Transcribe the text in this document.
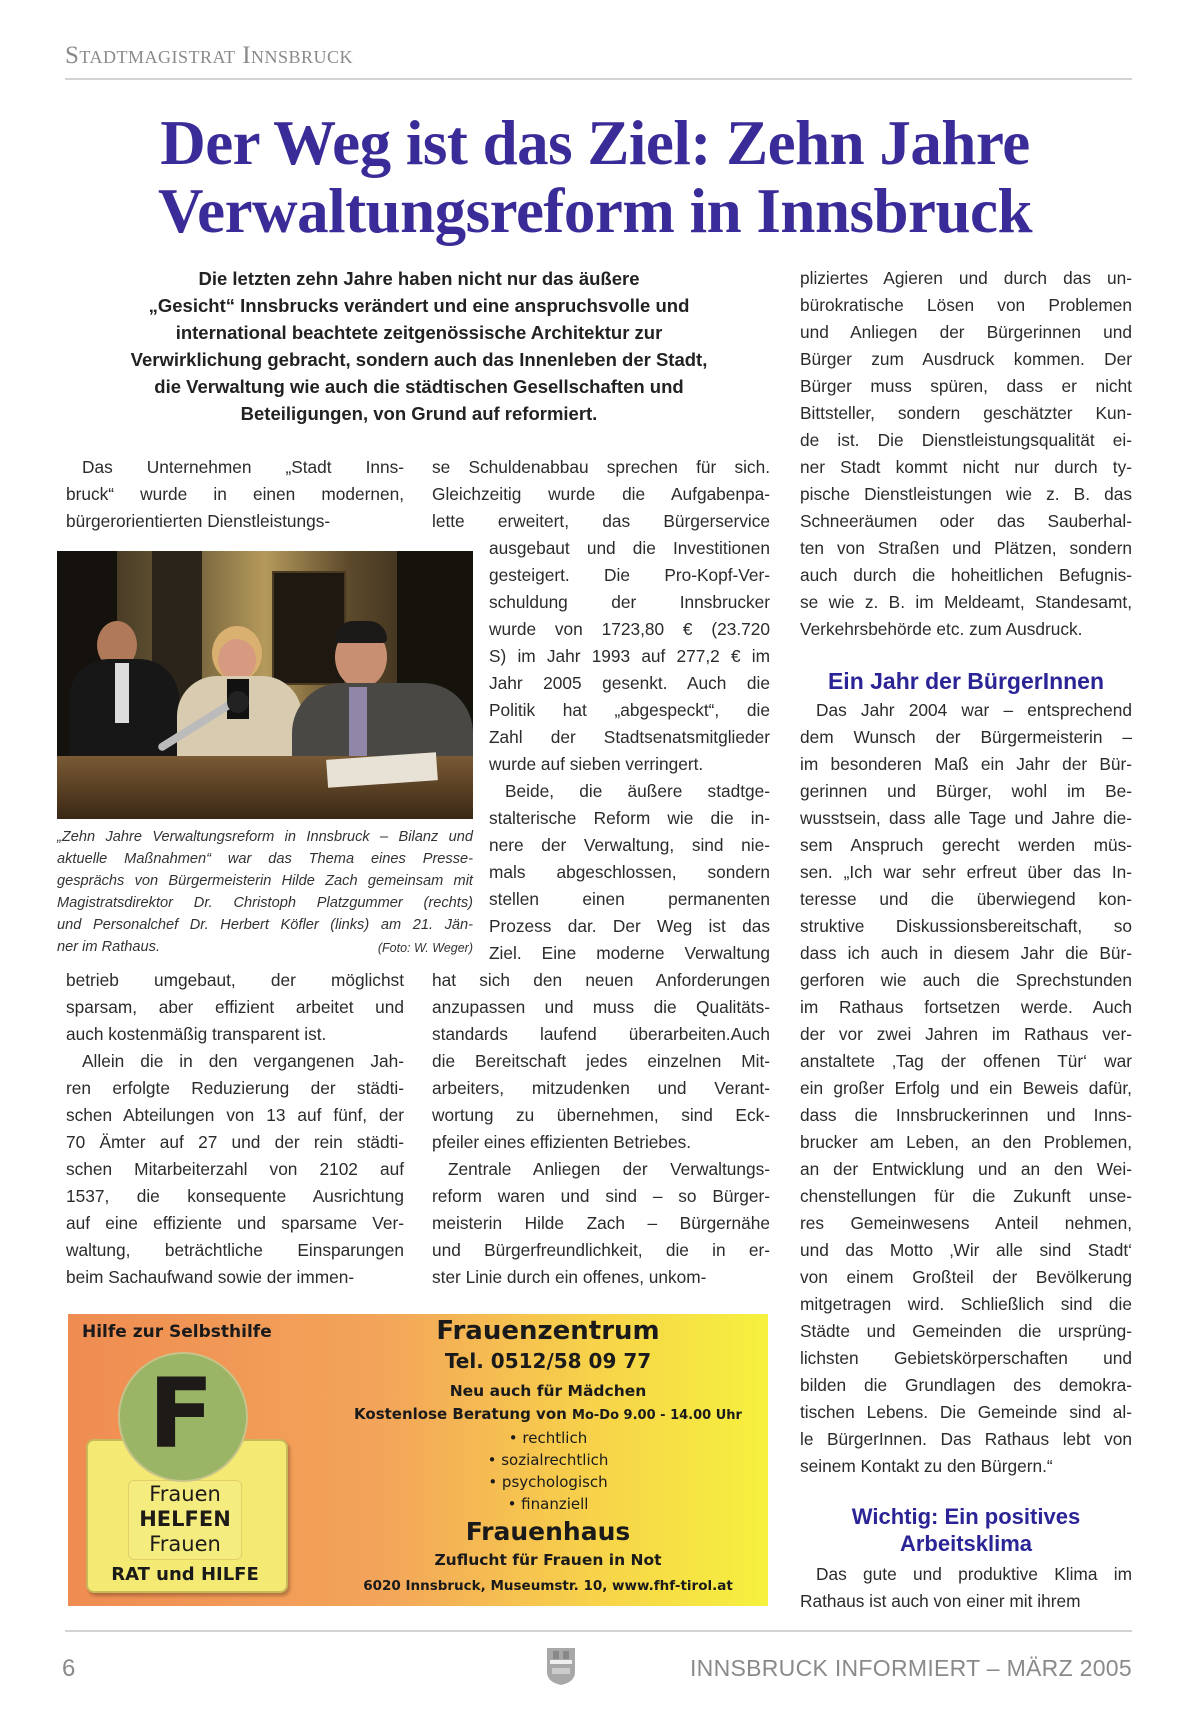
Stadtmagistrat Innsbruck
Der Weg ist das Ziel: Zehn Jahre
Verwaltungsreform in Innsbruck
Die letzten zehn Jahre haben nicht nur das äußere
„Gesicht“ Innsbrucks verändert und eine anspruchsvolle und
international beachtete zeitgenössische Architektur zur
Verwirklichung gebracht, sondern auch das Innenleben der Stadt,
die Verwaltung wie auch die städtischen Gesellschaften und
Beteiligungen, von Grund auf reformiert.
Das Unternehmen „Stadt Inns-
bruck“ wurde in einen modernen,
bürgerorientierten Dienstleistungs-
betrieb umgebaut, der möglichst
sparsam, aber effizient arbeitet und
auch kostenmäßig transparent ist.
Allein die in den vergangenen Jah-
ren erfolgte Reduzierung der städti-
schen Abteilungen von 13 auf fünf, der
70 Ämter auf 27 und der rein städti-
schen Mitarbeiterzahl von 2102 auf
1537, die konsequente Ausrichtung
auf eine effiziente und sparsame Ver-
waltung, beträchtliche Einsparungen
beim Sachaufwand sowie der immen-
se Schuldenabbau sprechen für sich.
Gleichzeitig wurde die Aufgabenpa-
lette erweitert, das Bürgerservice
ausgebaut und die Investitionen
gesteigert. Die Pro-Kopf-Ver-
schuldung der Innsbrucker
wurde von 1723,80 € (23.720
S) im Jahr 1993 auf 277,2 € im
Jahr 2005 gesenkt. Auch die
Politik hat „abgespeckt“, die
Zahl der Stadtsenatsmitglieder
wurde auf sieben verringert.
Beide, die äußere stadtge-
stalterische Reform wie die in-
nere der Verwaltung, sind nie-
mals abgeschlossen, sondern
stellen einen permanenten
Prozess dar. Der Weg ist das
Ziel. Eine moderne Verwaltung
hat sich den neuen Anforderungen
anzupassen und muss die Qualitäts-
standards laufend überarbeiten.Auch
die Bereitschaft jedes einzelnen Mit-
arbeiters, mitzudenken und Verant-
wortung zu übernehmen, sind Eck-
pfeiler eines effizienten Betriebes.
Zentrale Anliegen der Verwaltungs-
reform waren und sind – so Bürger-
meisterin Hilde Zach – Bürgernähe
und Bürgerfreundlichkeit, die in er-
ster Linie durch ein offenes, unkom-
pliziertes Agieren und durch das un-
bürokratische Lösen von Problemen
und Anliegen der Bürgerinnen und
Bürger zum Ausdruck kommen. Der
Bürger muss spüren, dass er nicht
Bittsteller, sondern geschätzter Kun-
de ist. Die Dienstleistungsqualität ei-
ner Stadt kommt nicht nur durch ty-
pische Dienstleistungen wie z. B. das
Schneeräumen oder das Sauberhal-
ten von Straßen und Plätzen, sondern
auch durch die hoheitlichen Befugnis-
se wie z. B. im Meldeamt, Standesamt,
Verkehrsbehörde etc. zum Ausdruck.
Das Jahr 2004 war – entsprechend
dem Wunsch der Bürgermeisterin –
im besonderen Maß ein Jahr der Bür-
gerinnen und Bürger, wohl im Be-
wusstsein, dass alle Tage und Jahre die-
sem Anspruch gerecht werden müs-
sen. „Ich war sehr erfreut über das In-
teresse und die überwiegend kon-
struktive Diskussionsbereitschaft, so
dass ich auch in diesem Jahr die Bür-
gerforen wie auch die Sprechstunden
im Rathaus fortsetzen werde. Auch
der vor zwei Jahren im Rathaus ver-
anstaltete ‚Tag der offenen Tür‘ war
ein großer Erfolg und ein Beweis dafür,
dass die Innsbruckerinnen und Inns-
brucker am Leben, an den Problemen,
an der Entwicklung und an den Wei-
chenstellungen für die Zukunft unse-
res Gemeinwesens Anteil nehmen,
und das Motto ‚Wir alle sind Stadt‘
von einem Großteil der Bevölkerung
mitgetragen wird. Schließlich sind die
Städte und Gemeinden die ursprüng-
lichsten Gebietskörperschaften und
bilden die Grundlagen des demokra-
tischen Lebens. Die Gemeinde sind al-
le BürgerInnen. Das Rathaus lebt von
seinem Kontakt zu den Bürgern.“
Das gute und produktive Klima im
Rathaus ist auch von einer mit ihrem
„Zehn Jahre Verwaltungsreform in Innsbruck – Bilanz und
aktuelle Maßnahmen“ war das Thema eines Presse-
gesprächs von Bürgermeisterin Hilde Zach gemeinsam mit
Magistratsdirektor Dr. Christoph Platzgummer (rechts)
und Personalchef Dr. Herbert Köfler (links) am 21. Jän-
ner im Rathaus.	(Foto: W. Weger)
Ein Jahr der BürgerInnen
Wichtig: Ein positives
Arbeitsklima
Hilfe zur Selbsthilfe
F
Frauen
HELFEN
Frauen
RAT und HILFE
Frauenzentrum
Tel. 0512/58 09 77
Neu auch für Mädchen
Kostenlose Beratung von Mo-Do 9.00 - 14.00 Uhr
• rechtlich
• sozialrechtlich
• psychologisch
• finanziell
Frauenhaus
Zuflucht für Frauen in Not
6020 Innsbruck, Museumstr. 10, www.fhf-tirol.at
6	INNSBRUCK INFORMIERT – MÄRZ 2005
